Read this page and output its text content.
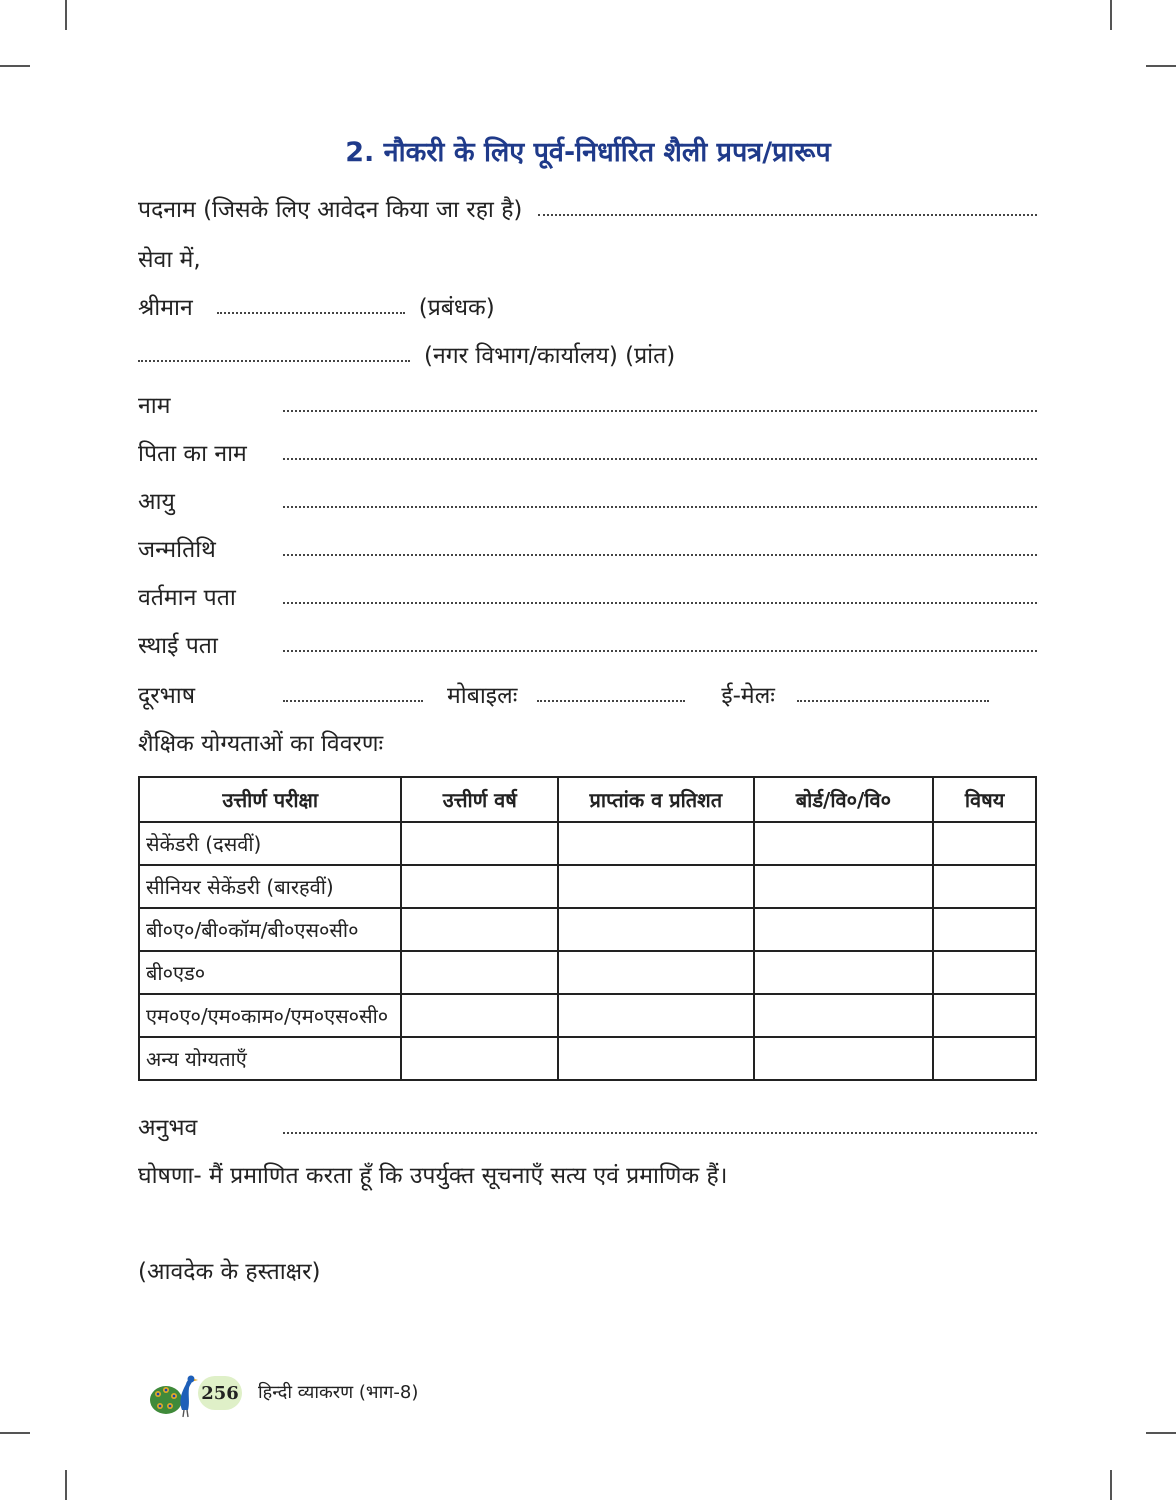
2. नौकरी के लिए पूर्व-निर्धारित शैली प्रपत्र/प्रारूप
पदनाम (जिसके लिए आवेदन किया जा रहा है)
सेवा में,
श्रीमान	(प्रबंधक)
(नगर विभाग/कार्यालय) (प्रांत)
नाम
पिता का नाम
आयु
जन्मतिथि
वर्तमान पता
स्थाई पता
दूरभाष	मोबाइलः	ई-मेलः
शैक्षिक योग्यताओं का विवरणः
उत्तीर्ण परीक्षा	उत्तीर्ण वर्ष	प्राप्तांक व प्रतिशत	बोर्ड/वि०/वि०	विषय
सेकेंडरी (दसवीं)				
सीनियर सेकेंडरी (बारहवीं)				
बी०ए०/बी०कॉम/बी०एस०सी०				
बी०एड०				
एम०ए०/एम०काम०/एम०एस०सी०				
अन्य योग्यताएँ				
अनुभव
घोषणा- मैं प्रमाणित करता हूँ कि उपर्युक्त सूचनाएँ सत्य एवं प्रमाणिक हैं।
(आवदेक के हस्ताक्षर)
256 हिन्दी व्याकरण (भाग-8)
